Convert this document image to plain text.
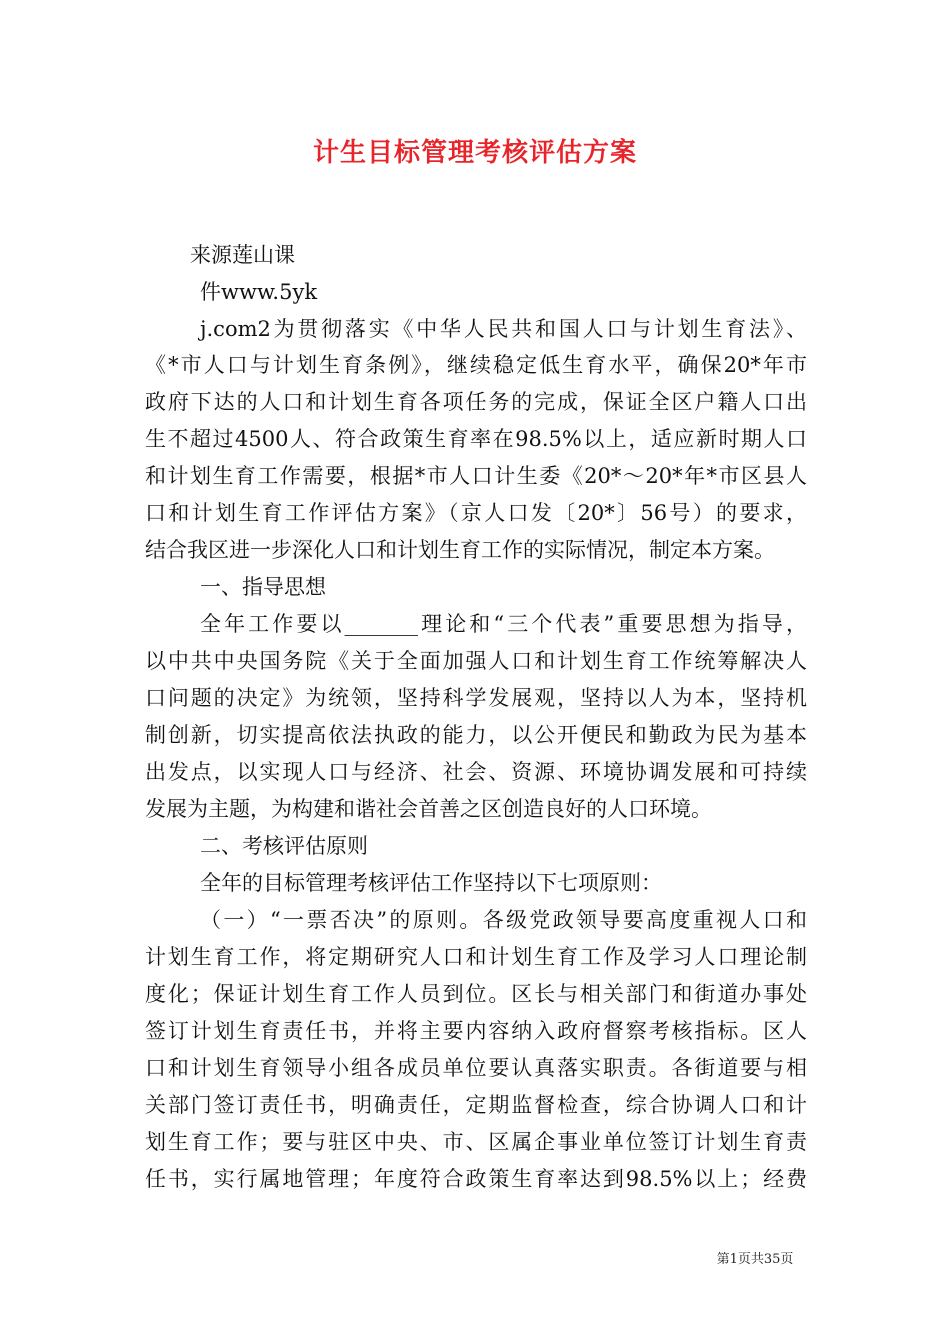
计生目标管理考核评估方案
来源莲山课
件www.5yk
j.com2为贯彻落实《中华人民共和国人口与计划生育法》、
《*市人口与计划生育条例》，继续稳定低生育水平，确保20*年市
政府下达的人口和计划生育各项任务的完成，保证全区户籍人口出
生不超过4500人、符合政策生育率在98.5%以上，适应新时期人口
和计划生育工作需要，根据*市人口计生委《20*～20*年*市区县人
口和计划生育工作评估方案》（京人口发〔20*〕56号）的要求，
结合我区进一步深化人口和计划生育工作的实际情况，制定本方案。
一、指导思想
全年工作要以_______理论和“三个代表”重要思想为指导，
以中共中央国务院《关于全面加强人口和计划生育工作统筹解决人
口问题的决定》为统领，坚持科学发展观，坚持以人为本，坚持机
制创新，切实提高依法执政的能力，以公开便民和勤政为民为基本
出发点，以实现人口与经济、社会、资源、环境协调发展和可持续
发展为主题，为构建和谐社会首善之区创造良好的人口环境。
二、考核评估原则
全年的目标管理考核评估工作坚持以下七项原则：
（一）“一票否决”的原则。各级党政领导要高度重视人口和
计划生育工作，将定期研究人口和计划生育工作及学习人口理论制
度化；保证计划生育工作人员到位。区长与相关部门和街道办事处
签订计划生育责任书，并将主要内容纳入政府督察考核指标。区人
口和计划生育领导小组各成员单位要认真落实职责。各街道要与相
关部门签订责任书，明确责任，定期监督检查，综合协调人口和计
划生育工作；要与驻区中央、市、区属企事业单位签订计划生育责
任书，实行属地管理；年度符合政策生育率达到98.5%以上；经费
第1页共35页
